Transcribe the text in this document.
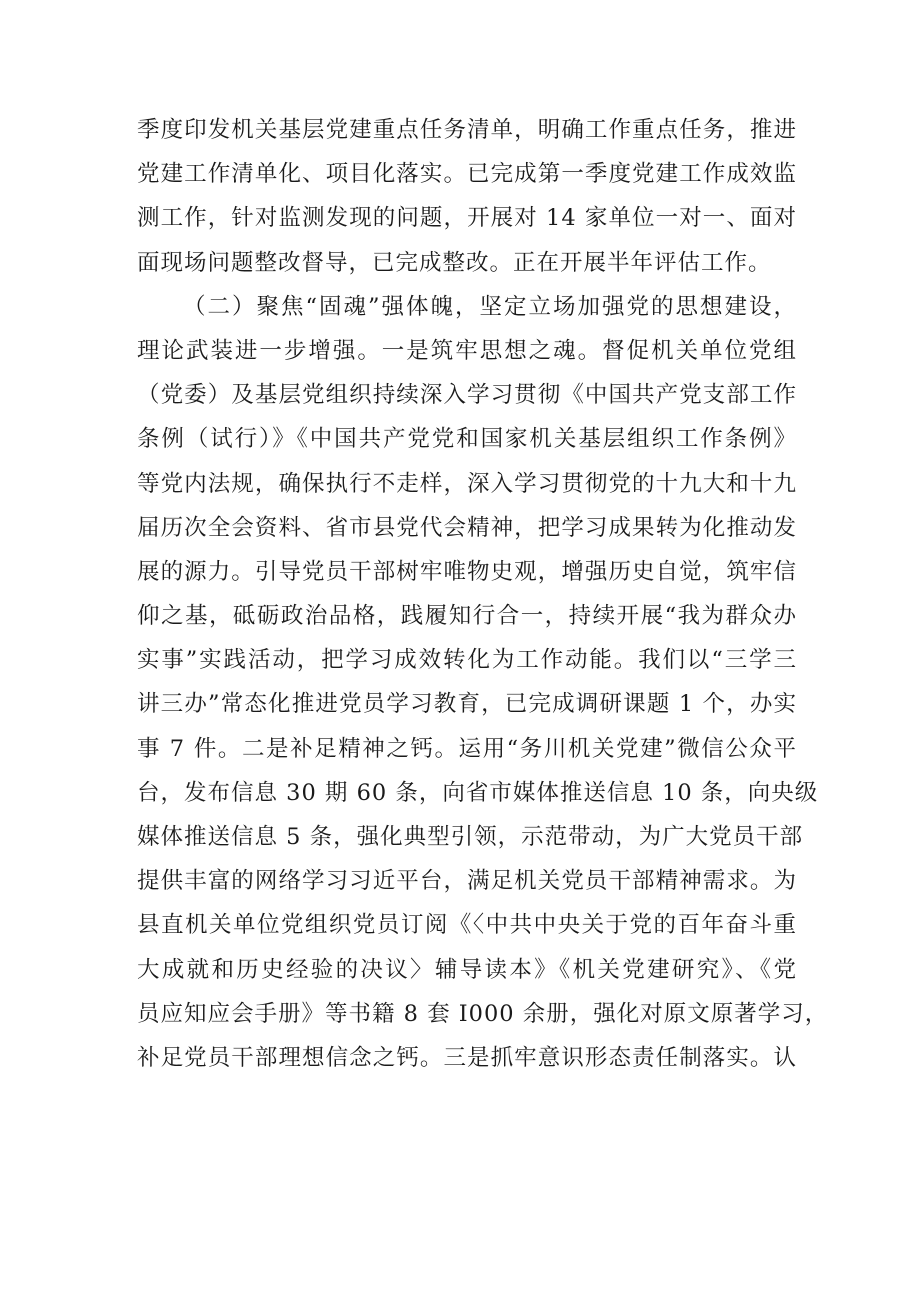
季度印发机关基层党建重点任务清单，明确工作重点任务，推进
党建工作清单化、项目化落实。已完成第一季度党建工作成效监
测工作，针对监测发现的问题，开展对 14 家单位一对一、面对
面现场问题整改督导，已完成整改。正在开展半年评估工作。
（二）聚焦“固魂”强体魄，坚定立场加强党的思想建设，
理论武装进一步增强。一是筑牢思想之魂。督促机关单位党组
（党委）及基层党组织持续深入学习贯彻《中国共产党支部工作
条例（试行）》《中国共产党党和国家机关基层组织工作条例》
等党内法规，确保执行不走样，深入学习贯彻党的十九大和十九
届历次全会资料、省市县党代会精神，把学习成果转为化推动发
展的源力。引导党员干部树牢唯物史观，增强历史自觉，筑牢信
仰之基，砥砺政治品格，践履知行合一，持续开展“我为群众办
实事”实践活动，把学习成效转化为工作动能。我们以“三学三
讲三办”常态化推进党员学习教育，已完成调研课题 1 个，办实
事 7 件。二是补足精神之钙。运用“务川机关党建”微信公众平
台，发布信息 30 期 60 条，向省市媒体推送信息 10 条，向央级
媒体推送信息 5 条，强化典型引领，示范带动，为广大党员干部
提供丰富的网络学习习近平台，满足机关党员干部精神需求。为
县直机关单位党组织党员订阅《〈中共中央关于党的百年奋斗重
大成就和历史经验的决议〉辅导读本》《机关党建研究》、《党
员应知应会手册》等书籍 8 套 I000 余册，强化对原文原著学习，
补足党员干部理想信念之钙。三是抓牢意识形态责任制落实。认
